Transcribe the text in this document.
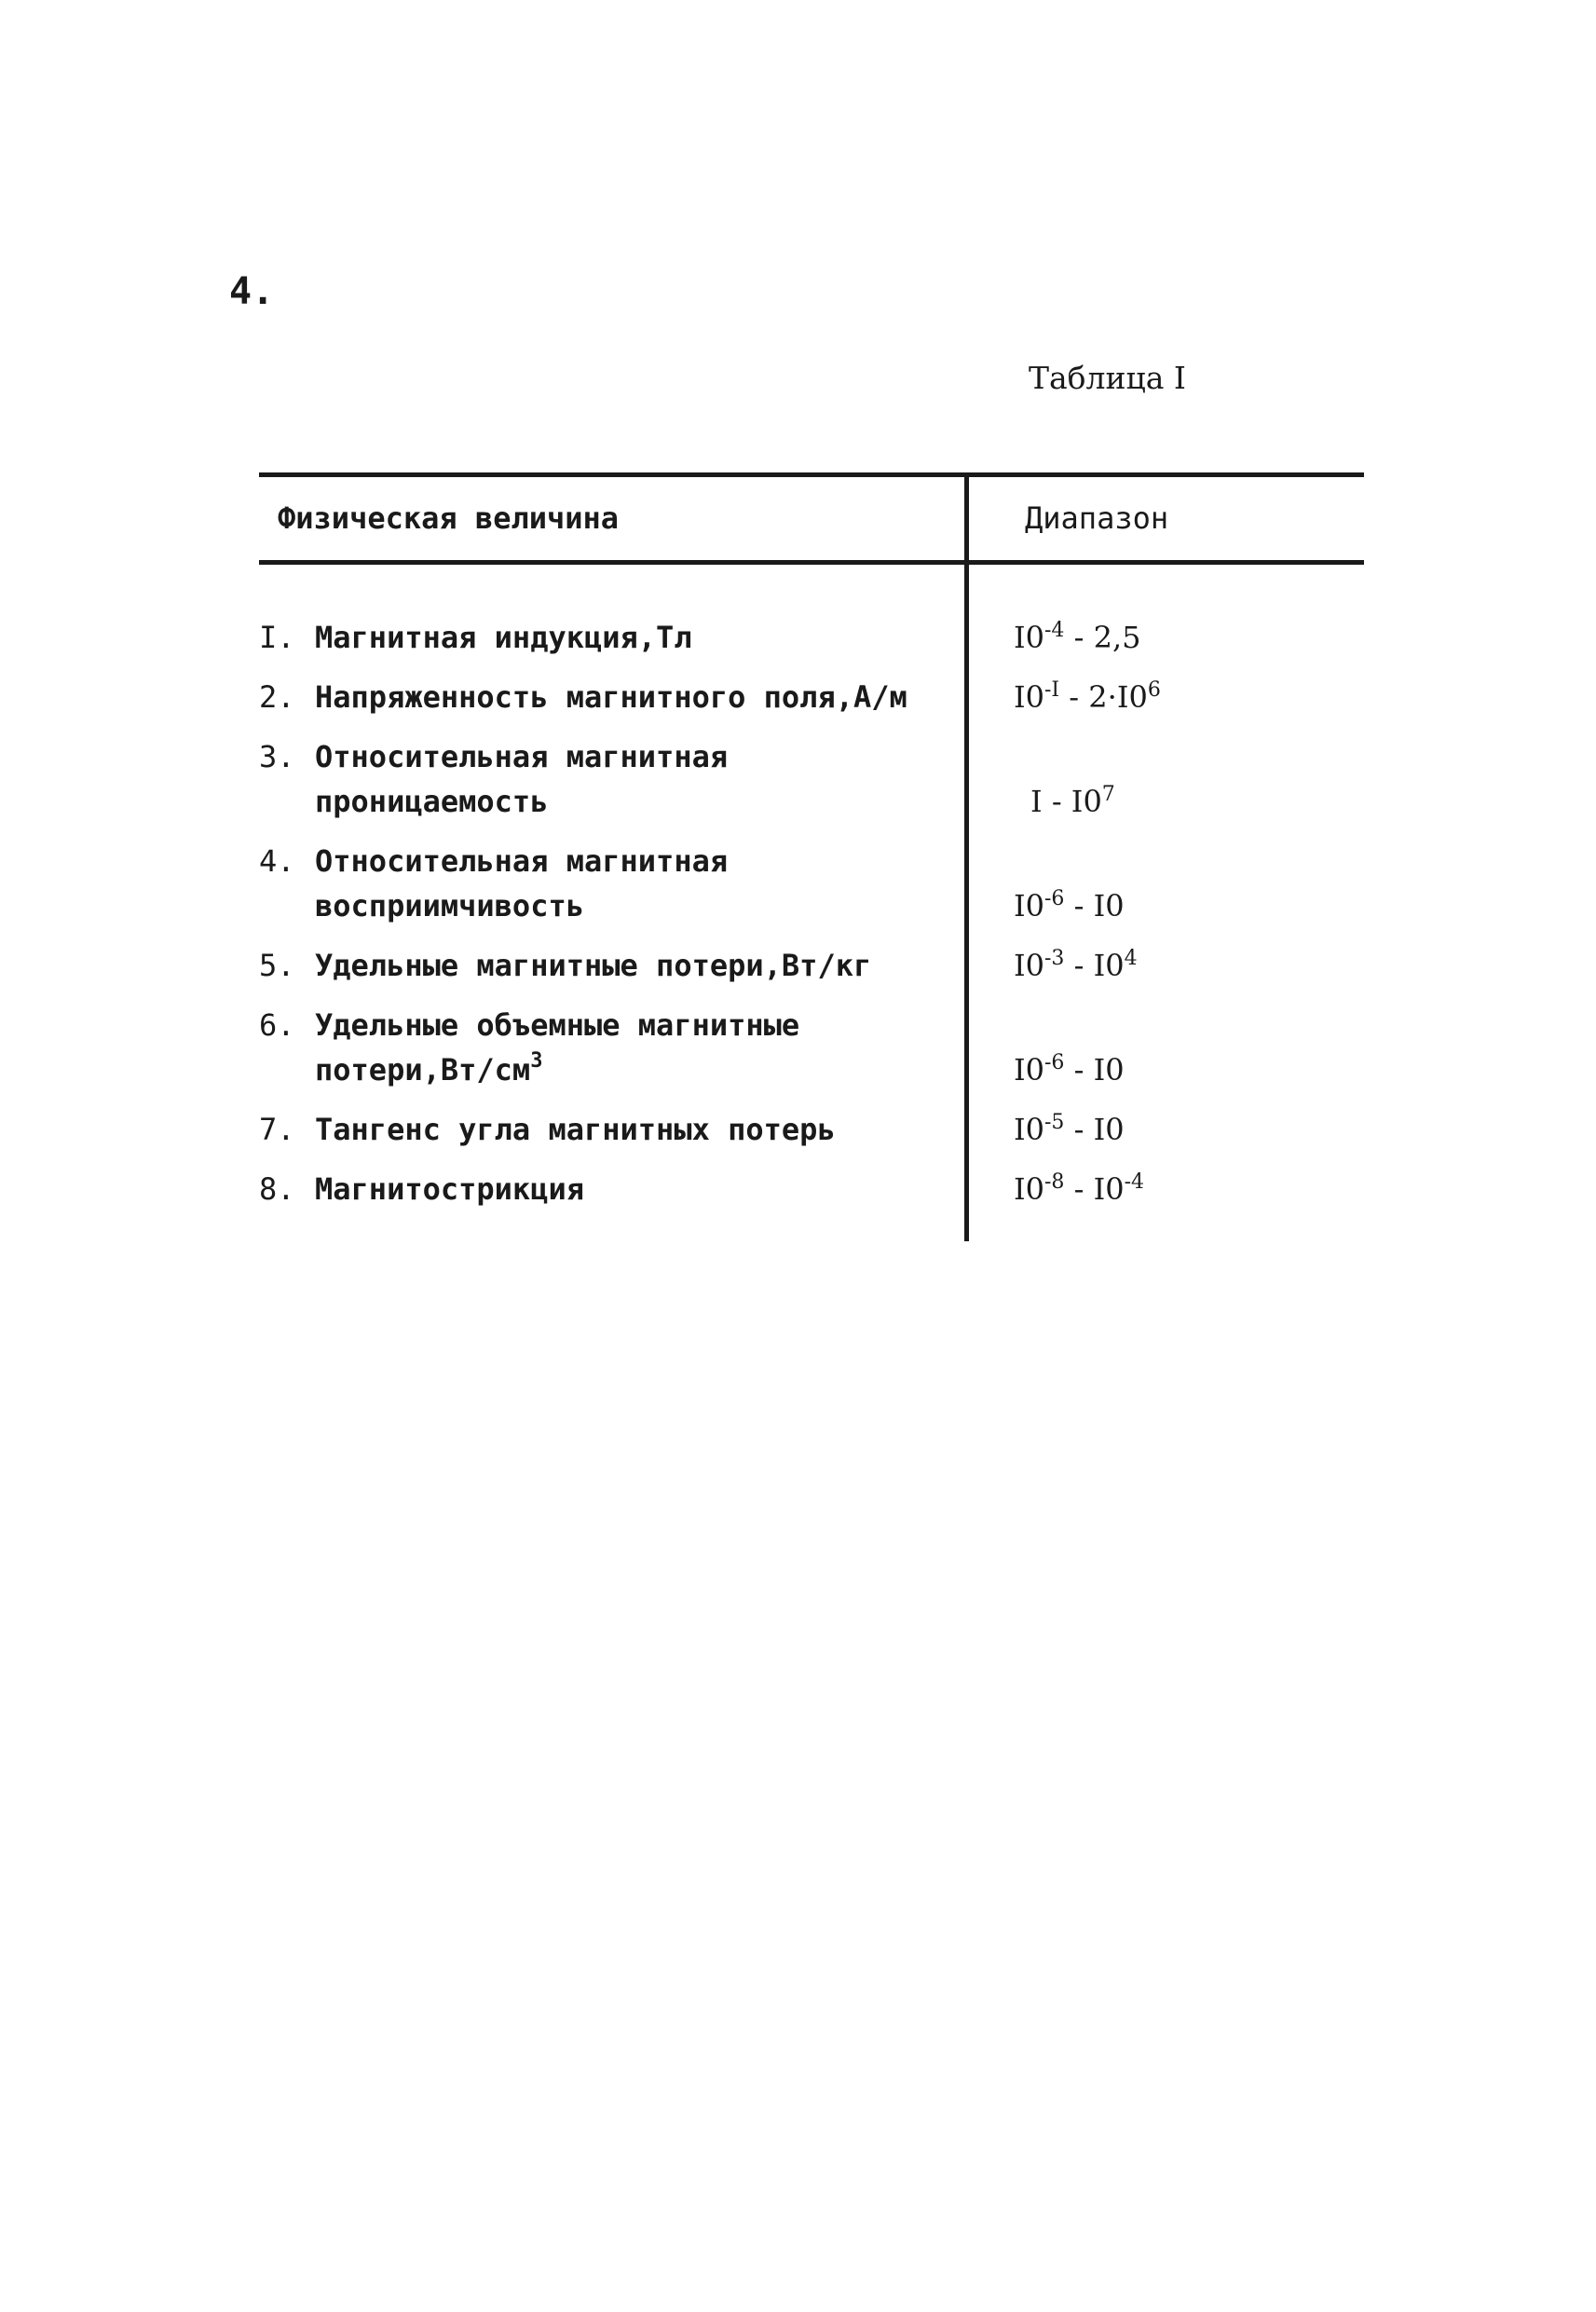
4.
Таблица I
Физическая величина	Диапазон
I. Магнитная индукция,Тл	$I0^{-4} - 2,5$
2. Напряженность магнитного поля,А/м	$I0^{-I} - 2\cdot I0^6$
3. Относительная магнитная
проницаемость	I - $I0^7$
4. Относительная магнитная
восприимчивость	$I0^{-6} - I0$
5. Удельные магнитные потери,Вт/кг	$I0^{-3} - I0^4$
6. Удельные объемные магнитные
$потери,Вт/см^3$	$I0^{-6} - I0$
7. Тангенс угла магнитных потерь	$I0^{-5} - I0$
8. Магнитострикция	$I0^{-8} - I0^{-4}$
